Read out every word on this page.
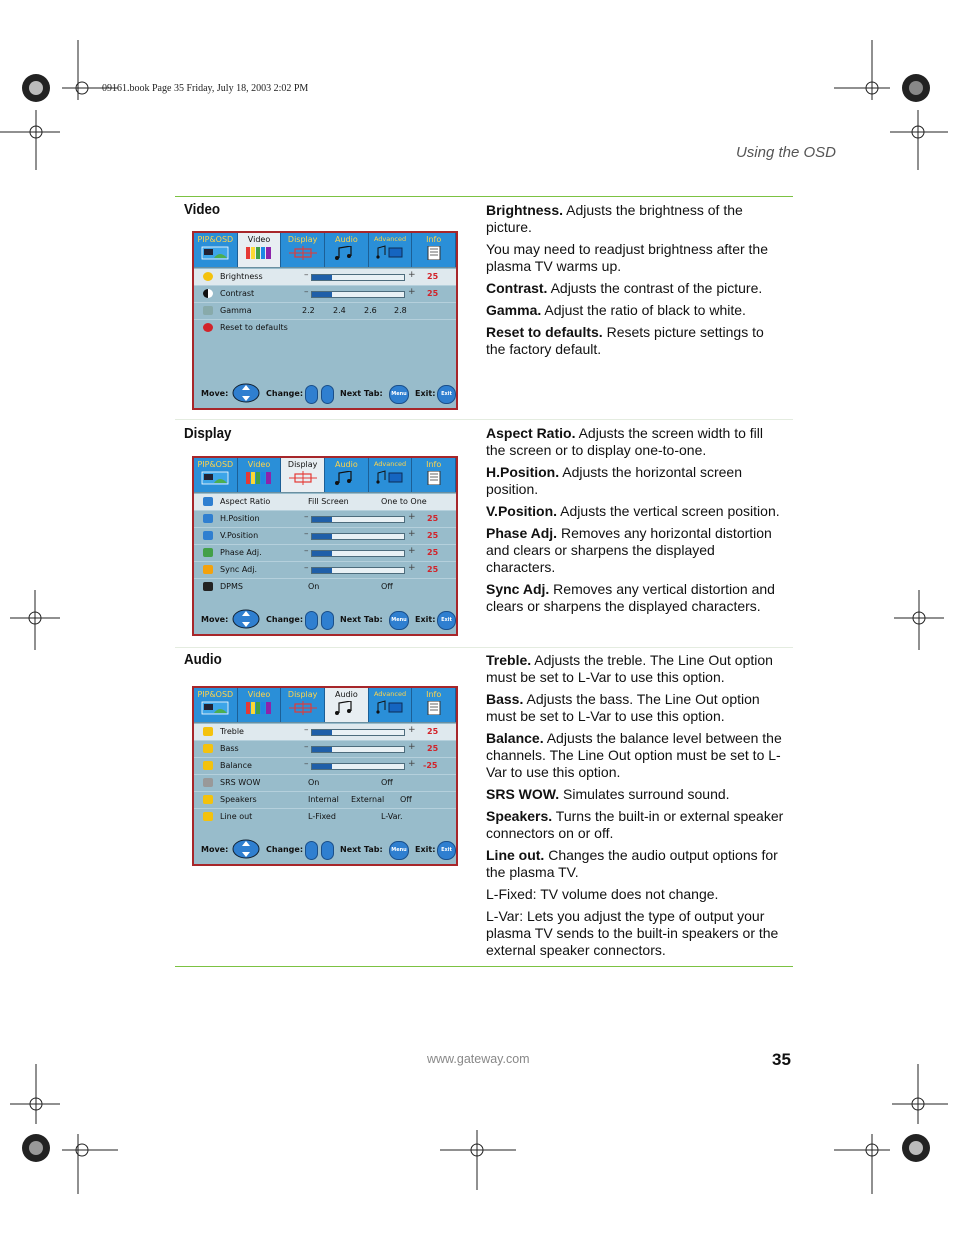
09161.book Page 35 Friday, July 18, 2003 2:02 PM
Using the OSD
Video
PIP&OSD	Video	Display	Audio	Advanced	Info
Brightness	–	+ 25
Contrast	–	+ 25
Gamma	2.2 2.4 2.6 2.8
Reset to defaults
Move:	Change:	Next Tab:	Menu Exit:	Exit

Brightness. Adjusts the brightness of the picture.

You may need to readjust brightness after the plasma TV warms up.

Contrast. Adjusts the contrast of the picture.

Gamma. Adjust the ratio of black to white.

Reset to defaults. Resets picture settings to the factory default.

Display
PIP&OSD	Video	Display	Audio	Advanced	Info
Aspect Ratio	Fill Screen	One to One
H.Position	–	+ 25
V.Position	–	+ 25
Phase Adj.	–	+ 25
Sync Adj.	–	+ 25
DPMS	On	Off
Move:	Change:	Next Tab:	Menu Exit:	Exit

Aspect Ratio. Adjusts the screen width to fill the screen or to display one-to-one.

H.Position. Adjusts the horizontal screen position.

V.Position. Adjusts the vertical screen position.

Phase Adj. Removes any horizontal distortion and clears or sharpens the displayed characters.

Sync Adj. Removes any vertical distortion and clears or sharpens the displayed characters.

Audio
PIP&OSD	Video	Display	Audio	Advanced	Info
Treble	–	+ 25
Bass	–	+ 25
Balance	–	+ -25
SRS WOW	On	Off
Speakers	Internal External Off
Line out	L-Fixed	L-Var.
Move:	Change:	Next Tab:	Menu Exit:	Exit

Treble. Adjusts the treble. The Line Out option must be set to L-Var to use this option.

Bass. Adjusts the bass. The Line Out option must be set to L-Var to use this option.

Balance. Adjusts the balance level between the channels. The Line Out option must be set to L-Var to use this option.

SRS WOW. Simulates surround sound.

Speakers. Turns the built-in or external speaker connectors on or off.

Line out. Changes the audio output options for the plasma TV.

L-Fixed: TV volume does not change.

L-Var: Lets you adjust the type of output your plasma TV sends to the built-in speakers or the external speaker connectors.

www.gateway.com	35
